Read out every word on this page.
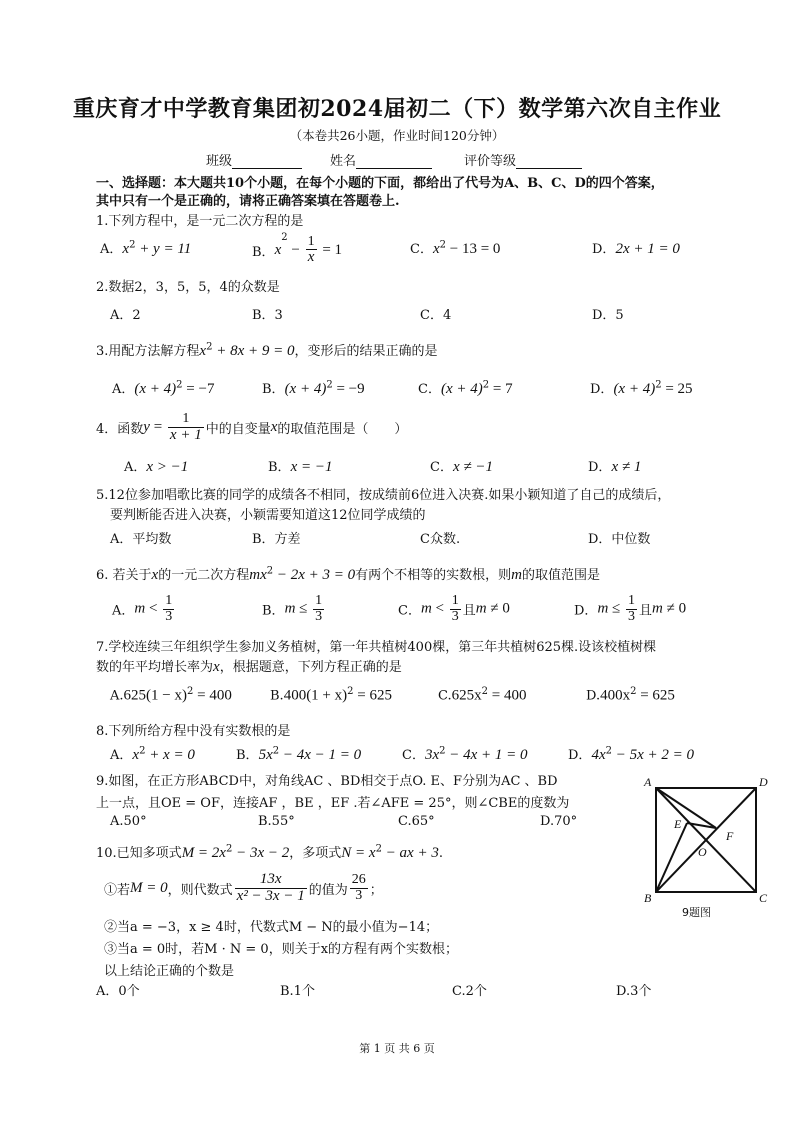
重庆育才中学教育集团初2024届初二（下）数学第六次自主作业
（本卷共26小题，作业时间120分钟）
班级	姓名	评价等级
一、选择题：本大题共10个小题，在每个小题的下面，都给出了代号为A、B、C、D的四个答案，
其中只有一个是正确的，请将正确答案填在答题卷上.
1.下列方程中，是一元二次方程的是
A．$x^2 + y = 11$	B．$x^2 - \frac{1}{x} = 1$	C．$x^2 - 13 = 0$	D．2x + 1 = 0
2.数据2，3，5，5，4的众数是
A．2	B．3	C．4	D．5
3.用配方法解方程$x^2 + 8x + 9 = 0$，变形后的结果正确的是
A．$(x + 4)^2 = -7$	B．$(x + 4)^2 = -9$	C．$(x + 4)^2 = 7$	D．$(x + 4)^2 = 25$
4．函数$y = \frac{1}{x + 1}$ 中的自变量x的取值范围是（　　）
A．x > −1	B．x = −1	C．x ≠ −1	D．x ≠ 1
5.12位参加唱歌比赛的同学的成绩各不相同，按成绩前6位进入决赛.如果小颖知道了自己的成绩后，
要判断能否进入决赛，小颖需要知道这12位同学成绩的
A．平均数	B．方差	C众数.	D．中位数
6. 若关于x的一元二次方程$mx^2 - 2x + 3 = 0$有两个不相等的实数根，则m的取值范围是
A．$m < \frac{1}{3}$	B．$m \le \frac{1}{3}$	C．$m < \frac{1}{3}$ 且m ≠ 0	D．$m \le \frac{1}{3}$ 且m ≠ 0
7.学校连续三年组织学生参加义务植树，第一年共植树400棵，第三年共植树625棵.设该校植树棵
数的年平均增长率为x，根据题意，下列方程正确的是
$A.625(1 - x)^2 = 400$	$B.400(1 + x)^2 = 625$	$C.625x^2 = 400$	$D.400x^2 = 625$
8.下列所给方程中没有实数根的是
A．$x^2 + x = 0$	B．$5x^2 - 4x - 1 = 0$	C．$3x^2 - 4x + 1 = 0$	D．$4x^2 - 5x + 2 = 0$
9.如图，在正方形ABCD中，对角线AC 、BD相交于点O. E、F分别为AC 、BD
上一点，且OE = OF，连接AF ，BE ，EF .若∠AFE = 25°，则∠CBE的度数为
A.50°	B.55°	C.65°	D.70°
A	D
B	C
E
F
O
9题图
10.已知多项式$M = 2x^2 - 3x - 2$，多项式$N = x^2$ − ax + 3.
①若M = 0，则代数式 $\frac{13x}{\text{x² − 3x − 1}}$ 的值为 $\frac{26}{3}$ ；
②当a = −3，x ≥ 4时，代数式M − N的最小值为−14；
③当a = 0时，若M · N = 0，则关于x的方程有两个实数根；
以上结论正确的个数是
A．0个	B.1个	C.2个	D.3个
第 1 页 共 6 页
